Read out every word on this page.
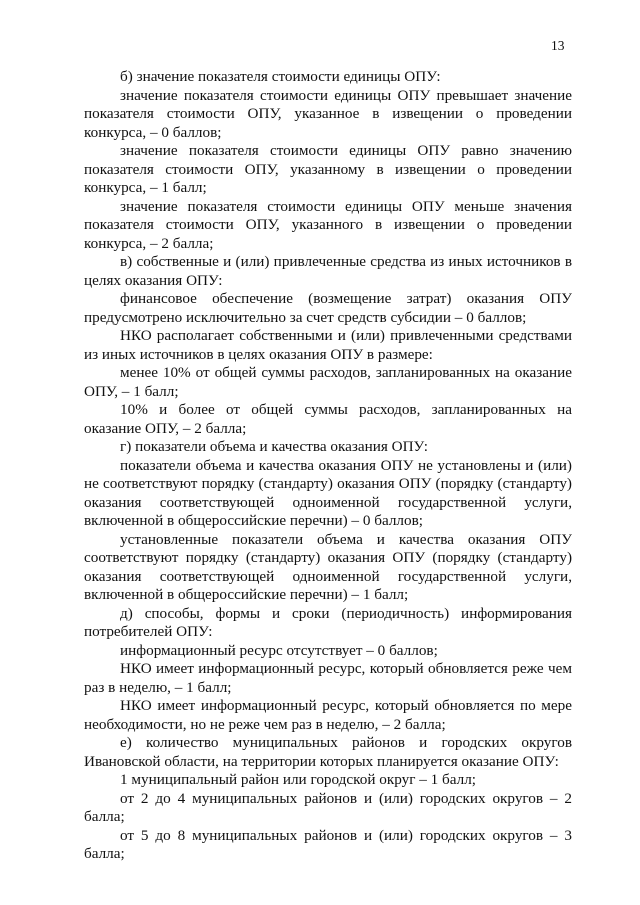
13

б) значение показателя стоимости единицы ОПУ:

значение показателя стоимости единицы ОПУ превышает значение показателя стоимости ОПУ, указанное в извещении о проведении конкурса, – 0 баллов;

значение показателя стоимости единицы ОПУ равно значению показателя стоимости ОПУ, указанному в извещении о проведении конкурса, – 1 балл;

значение показателя стоимости единицы ОПУ меньше значения показателя стоимости ОПУ, указанного в извещении о проведении конкурса, – 2 балла;

в) собственные и (или) привлеченные средства из иных источников в целях оказания ОПУ:

финансовое обеспечение (возмещение затрат) оказания ОПУ предусмотрено исключительно за счет средств субсидии – 0 баллов;

НКО располагает собственными и (или) привлеченными средствами из иных источников в целях оказания ОПУ в размере:

менее 10% от общей суммы расходов, запланированных на оказание ОПУ, – 1 балл;

10% и более от общей суммы расходов, запланированных на оказание ОПУ, – 2 балла;

г) показатели объема и качества оказания ОПУ:

показатели объема и качества оказания ОПУ не установлены и (или) не соответствуют порядку (стандарту) оказания ОПУ (порядку (стандарту) оказания соответствующей одноименной государственной услуги, включенной в общероссийские перечни) – 0 баллов;

установленные показатели объема и качества оказания ОПУ соответствуют порядку (стандарту) оказания ОПУ (порядку (стандарту) оказания соответствующей одноименной государственной услуги, включенной в общероссийские перечни) – 1 балл;

д) способы, формы и сроки (периодичность) информирования потребителей ОПУ:

информационный ресурс отсутствует – 0 баллов;

НКО имеет информационный ресурс, который обновляется реже чем раз в неделю, – 1 балл;

НКО имеет информационный ресурс, который обновляется по мере необходимости, но не реже чем раз в неделю, – 2 балла;

е) количество муниципальных районов и городских округов Ивановской области, на территории которых планируется оказание ОПУ:

1 муниципальный район или городской округ – 1 балл;

от 2 до 4 муниципальных районов и (или) городских округов – 2 балла;

от 5 до 8 муниципальных районов и (или) городских округов – 3 балла;
